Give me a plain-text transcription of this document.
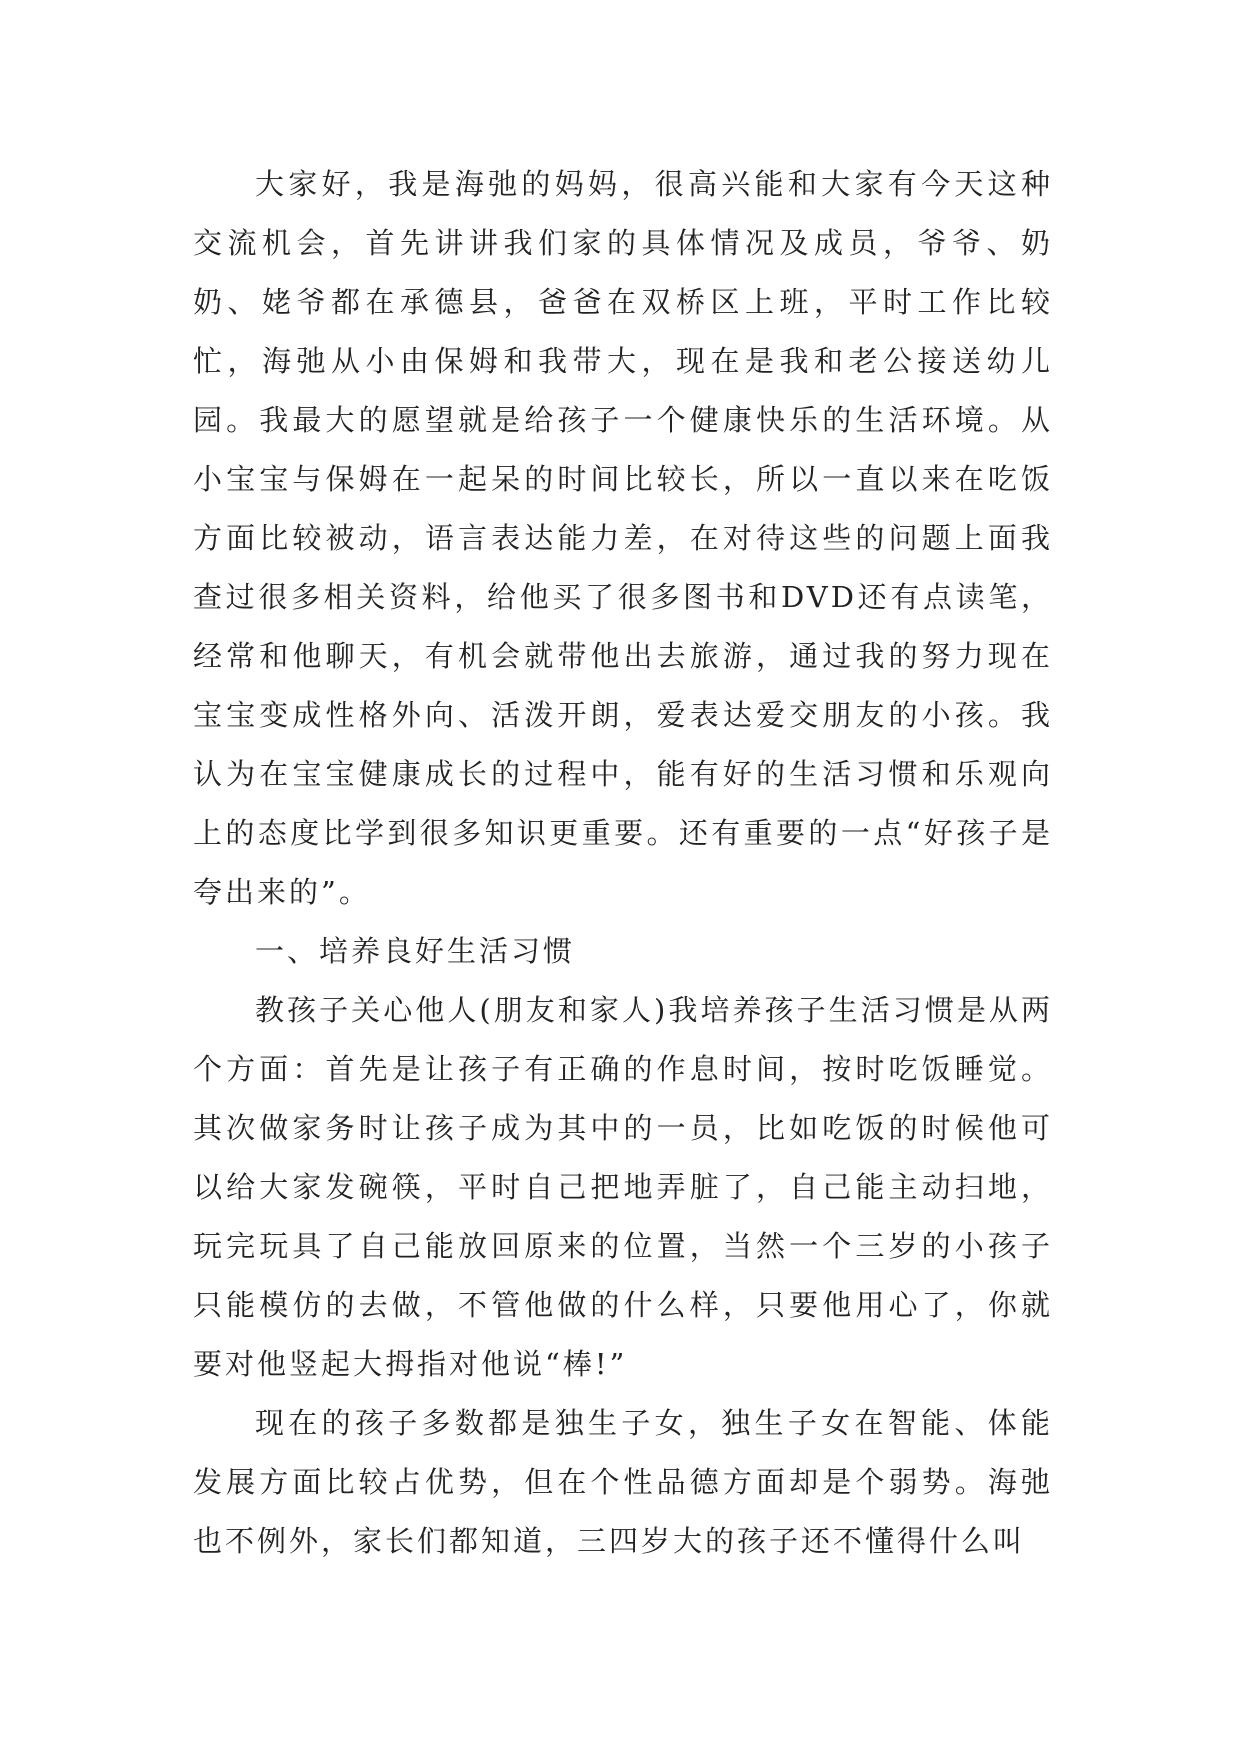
大家好，我是海弛的妈妈，很高兴能和大家有今天这种交流机会，首先讲讲我们家的具体情况及成员，爷爷、奶奶、姥爷都在承德县，爸爸在双桥区上班，平时工作比较忙，海弛从小由保姆和我带大，现在是我和老公接送幼儿园。我最大的愿望就是给孩子一个健康快乐的生活环境。从小宝宝与保姆在一起呆的时间比较长，所以一直以来在吃饭方面比较被动，语言表达能力差，在对待这些的问题上面我查过很多相关资料，给他买了很多图书和DVD还有点读笔，经常和他聊天，有机会就带他出去旅游，通过我的努力现在宝宝变成性格外向、活泼开朗，爱表达爱交朋友的小孩。我认为在宝宝健康成长的过程中，能有好的生活习惯和乐观向上的态度比学到很多知识更重要。还有重要的一点“好孩子是夸出来的”。

一、培养良好生活习惯

教孩子关心他人(朋友和家人)我培养孩子生活习惯是从两个方面：首先是让孩子有正确的作息时间，按时吃饭睡觉。其次做家务时让孩子成为其中的一员，比如吃饭的时候他可以给大家发碗筷，平时自己把地弄脏了，自己能主动扫地，玩完玩具了自己能放回原来的位置，当然一个三岁的小孩子只能模仿的去做，不管他做的什么样，只要他用心了，你就要对他竖起大拇指对他说“棒!”

现在的孩子多数都是独生子女，独生子女在智能、体能发展方面比较占优势，但在个性品德方面却是个弱势。海弛也不例外，家长们都知道，三四岁大的孩子还不懂得什么叫
